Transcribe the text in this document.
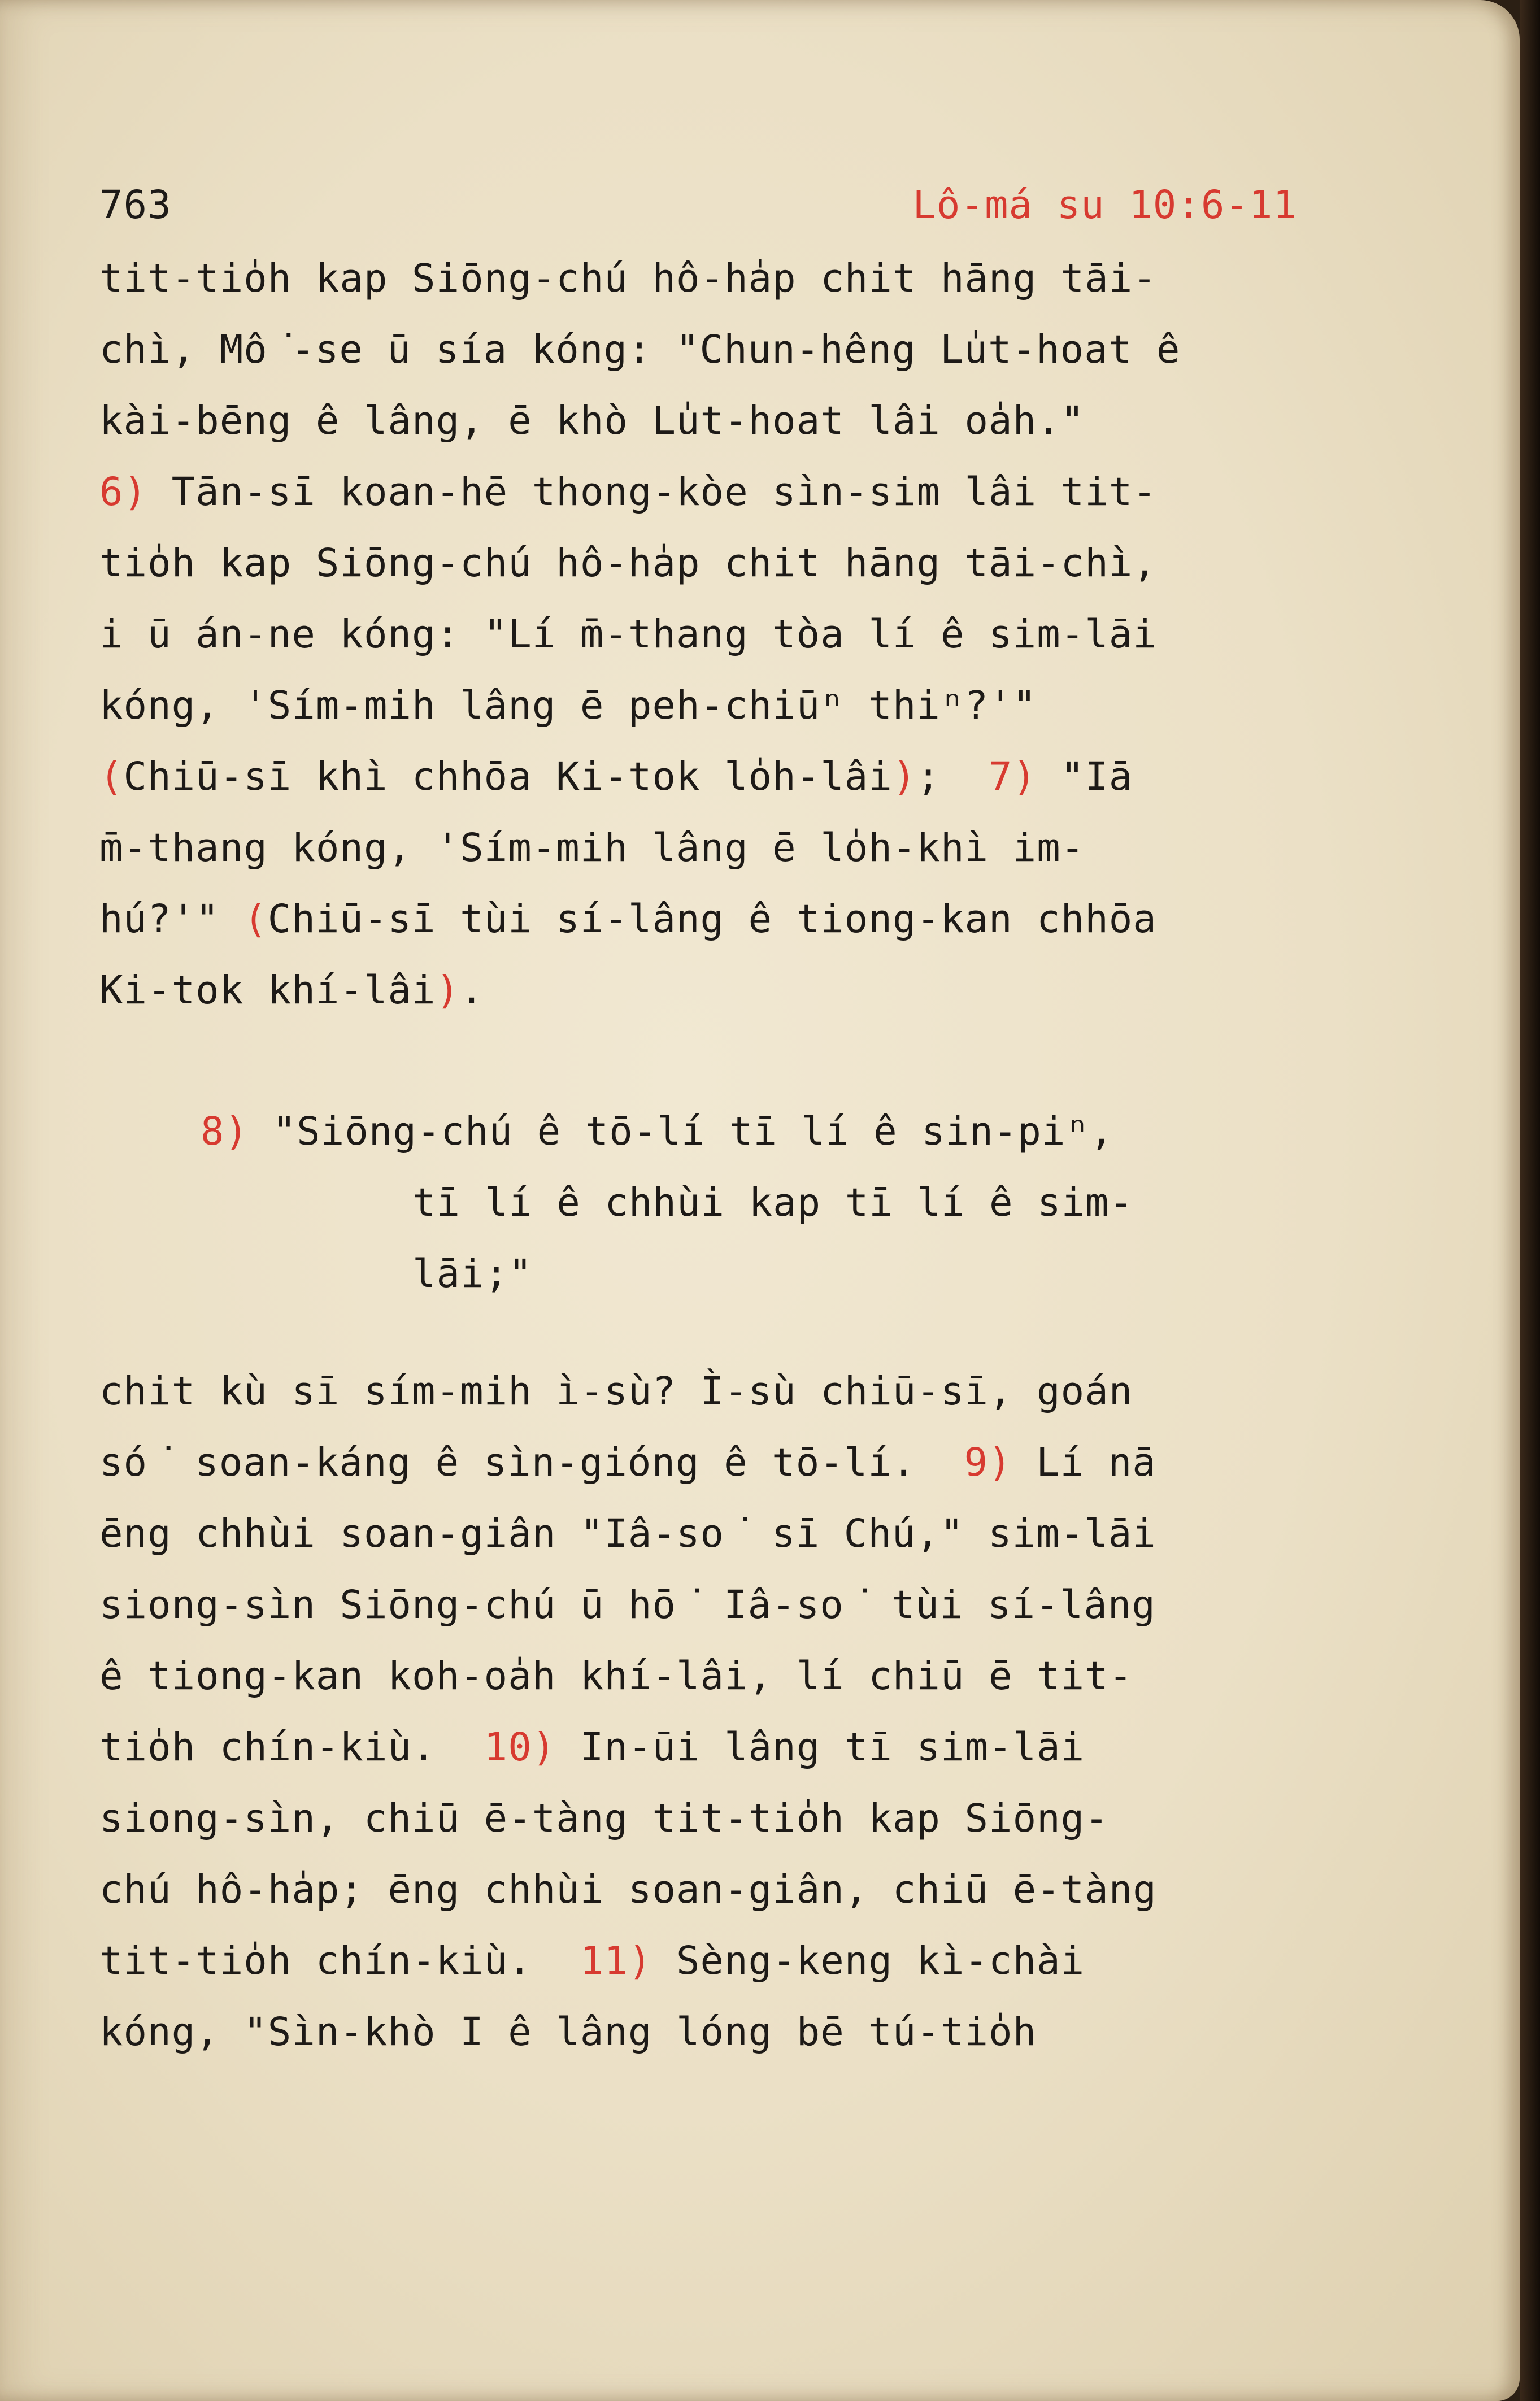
763	Lô-má su 10:6-11
tit-tio̍h kap Siōng-chú hô-ha̍p chit hāng tāi-
chì, Mô͘-se ū sía kóng: "Chun-hêng Lu̍t-hoat ê
kài-bēng ê lâng, ē khò Lu̍t-hoat lâi oa̍h."
6) Tān-sī koan-hē thong-kòe sìn-sim lâi tit-
tio̍h kap Siōng-chú hô-ha̍p chit hāng tāi-chì,
i ū án-ne kóng: "Lí m̄-thang tòa lí ê sim-lāi
kóng, 'Sím-mih lâng ē peh-chiūⁿ thiⁿ?'"
(Chiū-sī khì chhōa Ki-tok lo̍h-lâi);  7) "Iā
m̄-thang kóng, 'Sím-mih lâng ē lo̍h-khì im-
hú?'" (Chiū-sī tùi sí-lâng ê tiong-kan chhōa
Ki-tok khí-lâi).
8) "Siōng-chú ê tō-lí tī lí ê sin-piⁿ,
tī lí ê chhùi kap tī lí ê sim-
lāi;"
chit kù sī sím-mih ì-sù? Ì-sù chiū-sī, goán
só͘ soan-káng ê sìn-gióng ê tō-lí.  9) Lí nā
ēng chhùi soan-giân "Iâ-so͘ sī Chú," sim-lāi
siong-sìn Siōng-chú ū hō͘ Iâ-so͘ tùi sí-lâng
ê tiong-kan koh-oa̍h khí-lâi, lí chiū ē tit-
tio̍h chín-kiù.  10) In-ūi lâng tī sim-lāi
siong-sìn, chiū ē-tàng tit-tio̍h kap Siōng-
chú hô-ha̍p; ēng chhùi soan-giân, chiū ē-tàng
tit-tio̍h chín-kiù.  11) Sèng-keng kì-chài
kóng, "Sìn-khò I ê lâng lóng bē tú-tio̍h
